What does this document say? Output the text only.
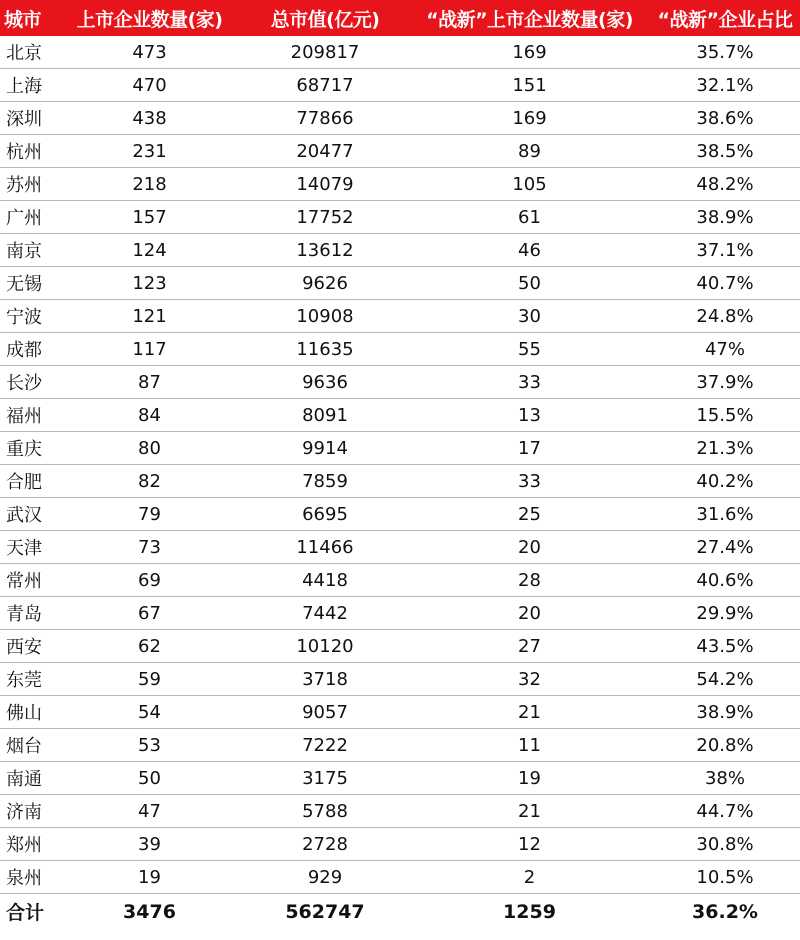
城市	上市企业数量(家)	总市值(亿元)	“战新”上市企业数量(家)	“战新”企业占比
北京	473	209817	169	35.7%
上海	470	68717	151	32.1%
深圳	438	77866	169	38.6%
杭州	231	20477	89	38.5%
苏州	218	14079	105	48.2%
广州	157	17752	61	38.9%
南京	124	13612	46	37.1%
无锡	123	9626	50	40.7%
宁波	121	10908	30	24.8%
成都	117	11635	55	47%
长沙	87	9636	33	37.9%
福州	84	8091	13	15.5%
重庆	80	9914	17	21.3%
合肥	82	7859	33	40.2%
武汉	79	6695	25	31.6%
天津	73	11466	20	27.4%
常州	69	4418	28	40.6%
青岛	67	7442	20	29.9%
西安	62	10120	27	43.5%
东莞	59	3718	32	54.2%
佛山	54	9057	21	38.9%
烟台	53	7222	11	20.8%
南通	50	3175	19	38%
济南	47	5788	21	44.7%
郑州	39	2728	12	30.8%
泉州	19	929	2	10.5%
合计	3476	562747	1259	36.2%
